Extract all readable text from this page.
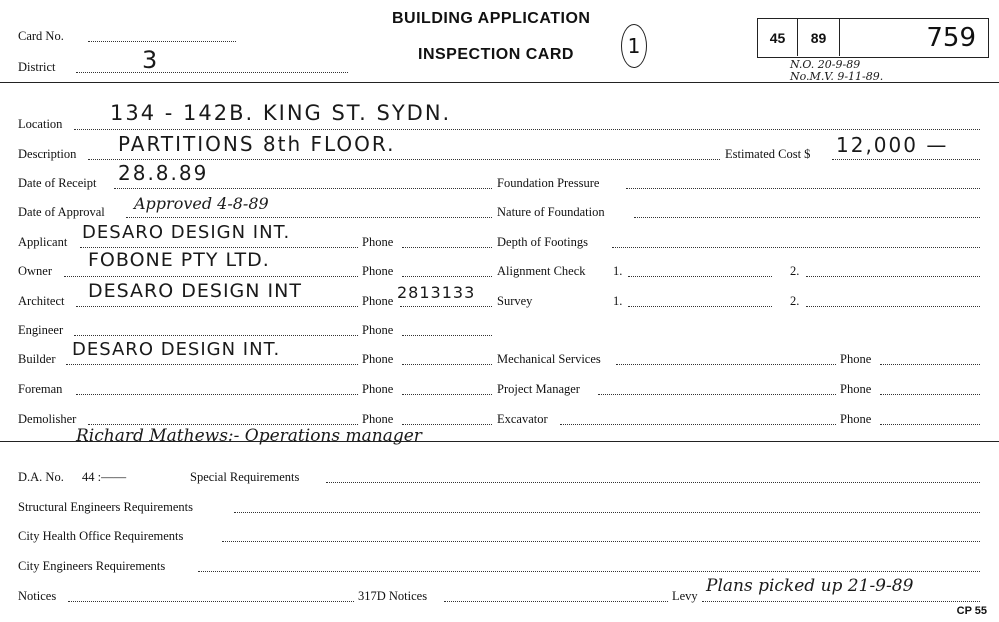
Card No.
District	3
BUILDING APPLICATION
INSPECTION CARD	1	45	89	759
N.O. 20-9-89
No.M.V. 9-11-89.
Location 134 - 142B. KING ST. SYDN.
Description PARTITIONS 8th FLOOR.	Estimated Cost $ 12,000 —
Date of Receipt 28.8.89
Date of Approval Approved 4-8-89
Applicant DESARO DESIGN INT.	Phone
Owner FOBONE PTY LTD.	Phone
Architect DESARO DESIGN INT	Phone 2813133
Engineer	Phone
Builder DESARO DESIGN INT.	Phone
Foreman	Phone
Demolisher	Phone
Foundation Pressure
Nature of Foundation
Depth of Footings
Alignment Check 1.	2.
Survey	1.	2.
Mechanical Services	Phone
Project Manager	Phone
Excavator	Phone
Richard Mathews:- Operations manager
D.A. No. 44 :——	Special Requirements
Structural Engineers Requirements
City Health Office Requirements
City Engineers Requirements
Notices	317D Notices	Levy Plans picked up 21-9-89
CP 55
